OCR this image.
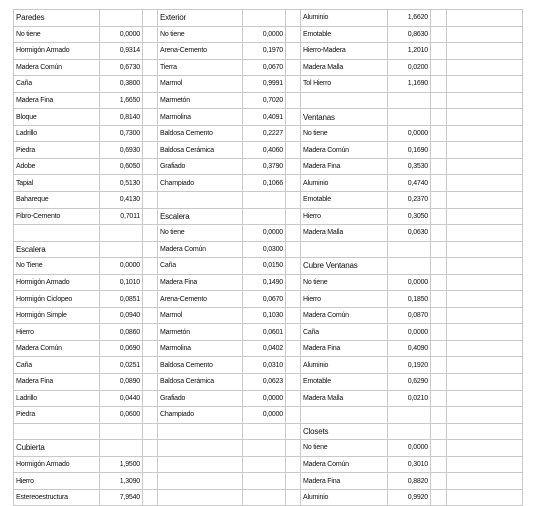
Paredes			Exterior			Aluminio	1,6620		
No tiene	0,0000		No tiene	0,0000		Emotable	0,8630		
Hormigón Armado	0,9314		Arena-Cemento	0,1970		Hierro-Madera	1,2010		
Madera Común	0,6730		Tierra	0,0670		Madera Malla	0,0200		
Caña	0,3800		Marmol	0,9991		Tol Hierro	1,1690		
Madera Fina	1,6650		Marmetón	0,7020					
Bloque	0,8140		Marmolina	0,4091		Ventanas			
Ladrillo	0,7300		Baldosa Cemento	0,2227		No tiene	0,0000		
Piedra	0,6930		Baldosa Cerámica	0,4060		Madera Común	0,1690		
Adobe	0,6050		Grafiado	0,3790		Madera Fina	0,3530		
Tapial	0,5130		Champiado	0,1066		Aluminio	0,4740		
Bahareque	0,4130					Emotable	0,2370		
Fibro-Cemento	0,7011		Escalera			Hierro	0,3050		
			No tiene	0,0000		Madera Malla	0,0630		
Escalera			Madera Común	0,0300					
No Tiene	0,0000		Caña	0,0150		Cubre Ventanas			
Hormigón Armado	0,1010		Madera Fina	0,1490		No tiene	0,0000		
Hormigón Ciclopeo	0,0851		Arena-Cemento	0,0670		Hierro	0,1850		
Hormigón Simple	0,0940		Marmol	0,1030		Madera Común	0,0870		
Hierro	0,0860		Marmetón	0,0601		Caña	0,0000		
Madera Común	0,0690		Marmolina	0,0402		Madera Fina	0,4090		
Caña	0,0251		Baldosa Cemento	0,0310		Aluminio	0,1920		
Madera Fina	0,0890		Baldosa Cerámica	0,0623		Emotable	0,6290		
Ladrillo	0,0440		Grafiado	0,0000		Madera Malla	0,0210		
Piedra	0,0600		Champiado	0,0000					
						Closets			
Cubierta						No tiene	0,0000		
Hormigón Armado	1,9500					Madera Común	0,3010		
Hierro	1,3090					Madera Fina	0,8820		
Estereoestructura	7,9540					Aluminio	0,9920		
